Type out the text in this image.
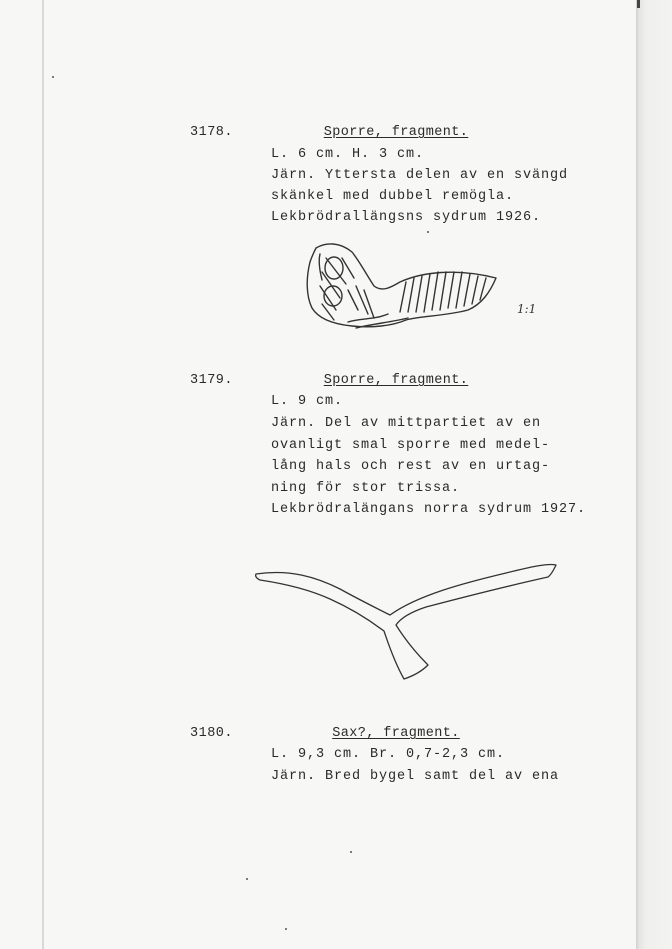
3178.	Sporre, fragment.
L. 6 cm. H. 3 cm.
Järn. Yttersta delen av en svängd
skänkel med dubbel remögla.
Lekbrödrallängsns sydrum 1926.
1:1
3179.	Sporre, fragment.
L. 9 cm.
Järn. Del av mittpartiet av en
ovanligt smal sporre med medel-
lång hals och rest av en urtag-
ning för stor trissa.
Lekbrödralängans norra sydrum 1927.
3180.	Sax?, fragment.
L. 9,3 cm. Br. 0,7-2,3 cm.
Järn. Bred bygel samt del av ena
